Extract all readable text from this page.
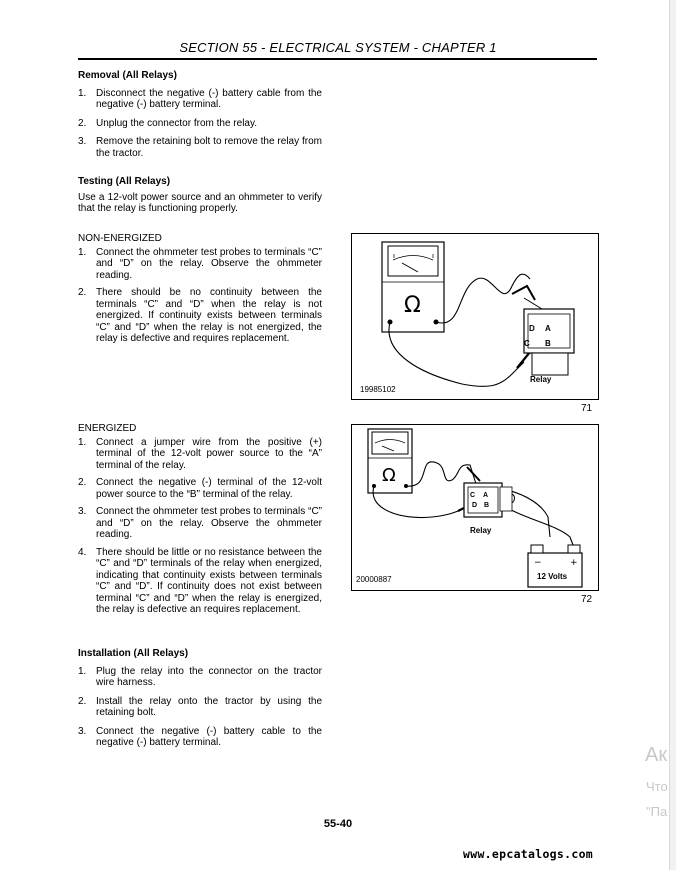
SECTION 55 - ELECTRICAL SYSTEM - CHAPTER 1
Removal (All Relays)
1. Disconnect the negative (-) battery cable from the negative (-) battery terminal.
2. Unplug the connector from the relay.
3. Remove the retaining bolt to remove the relay from the tractor.
Testing (All Relays)
Use a 12-volt power source and an ohmmeter to verify that the relay is functioning properly.
NON-ENERGIZED
1. Connect the ohmmeter test probes to terminals “C” and “D” on the relay. Observe the ohmmeter reading.
2. There should be no continuity between the terminals “C” and “D” when the relay is not energized. If continuity exists between terminals “C” and “D” when the relay is not energized, the relay is defective and requires replacement.
ENERGIZED
1. Connect a jumper wire from the positive (+) terminal of the 12-volt power source to the “A” terminal of the relay.
2. Connect the negative (-) terminal of the 12-volt power source to the “B” terminal of the relay.
3. Connect the ohmmeter test probes to terminals “C” and “D” on the relay. Observe the ohmmeter reading.
4. There should be little or no resistance between the “C” and “D” terminals of the relay when energized, indicating that continuity exists between terminals “C” and “D”. If continuity does not exist between terminal “C” and “D” when the relay is energized, the relay is defective an requires replacement.
Installation (All Relays)
1. Plug the relay into the connector on the tractor wire harness.
2. Install the relay onto the tractor by using the retaining bolt.
3. Connect the negative (-) battery cable to the negative (-) battery terminal.
D A
C B
Ω
Relay
19985102
71
C A
D B
Ω
Relay
−	+
12 Volts
20000887
72
55-40
www.epcatalogs.com
Ак
Что
"Па
